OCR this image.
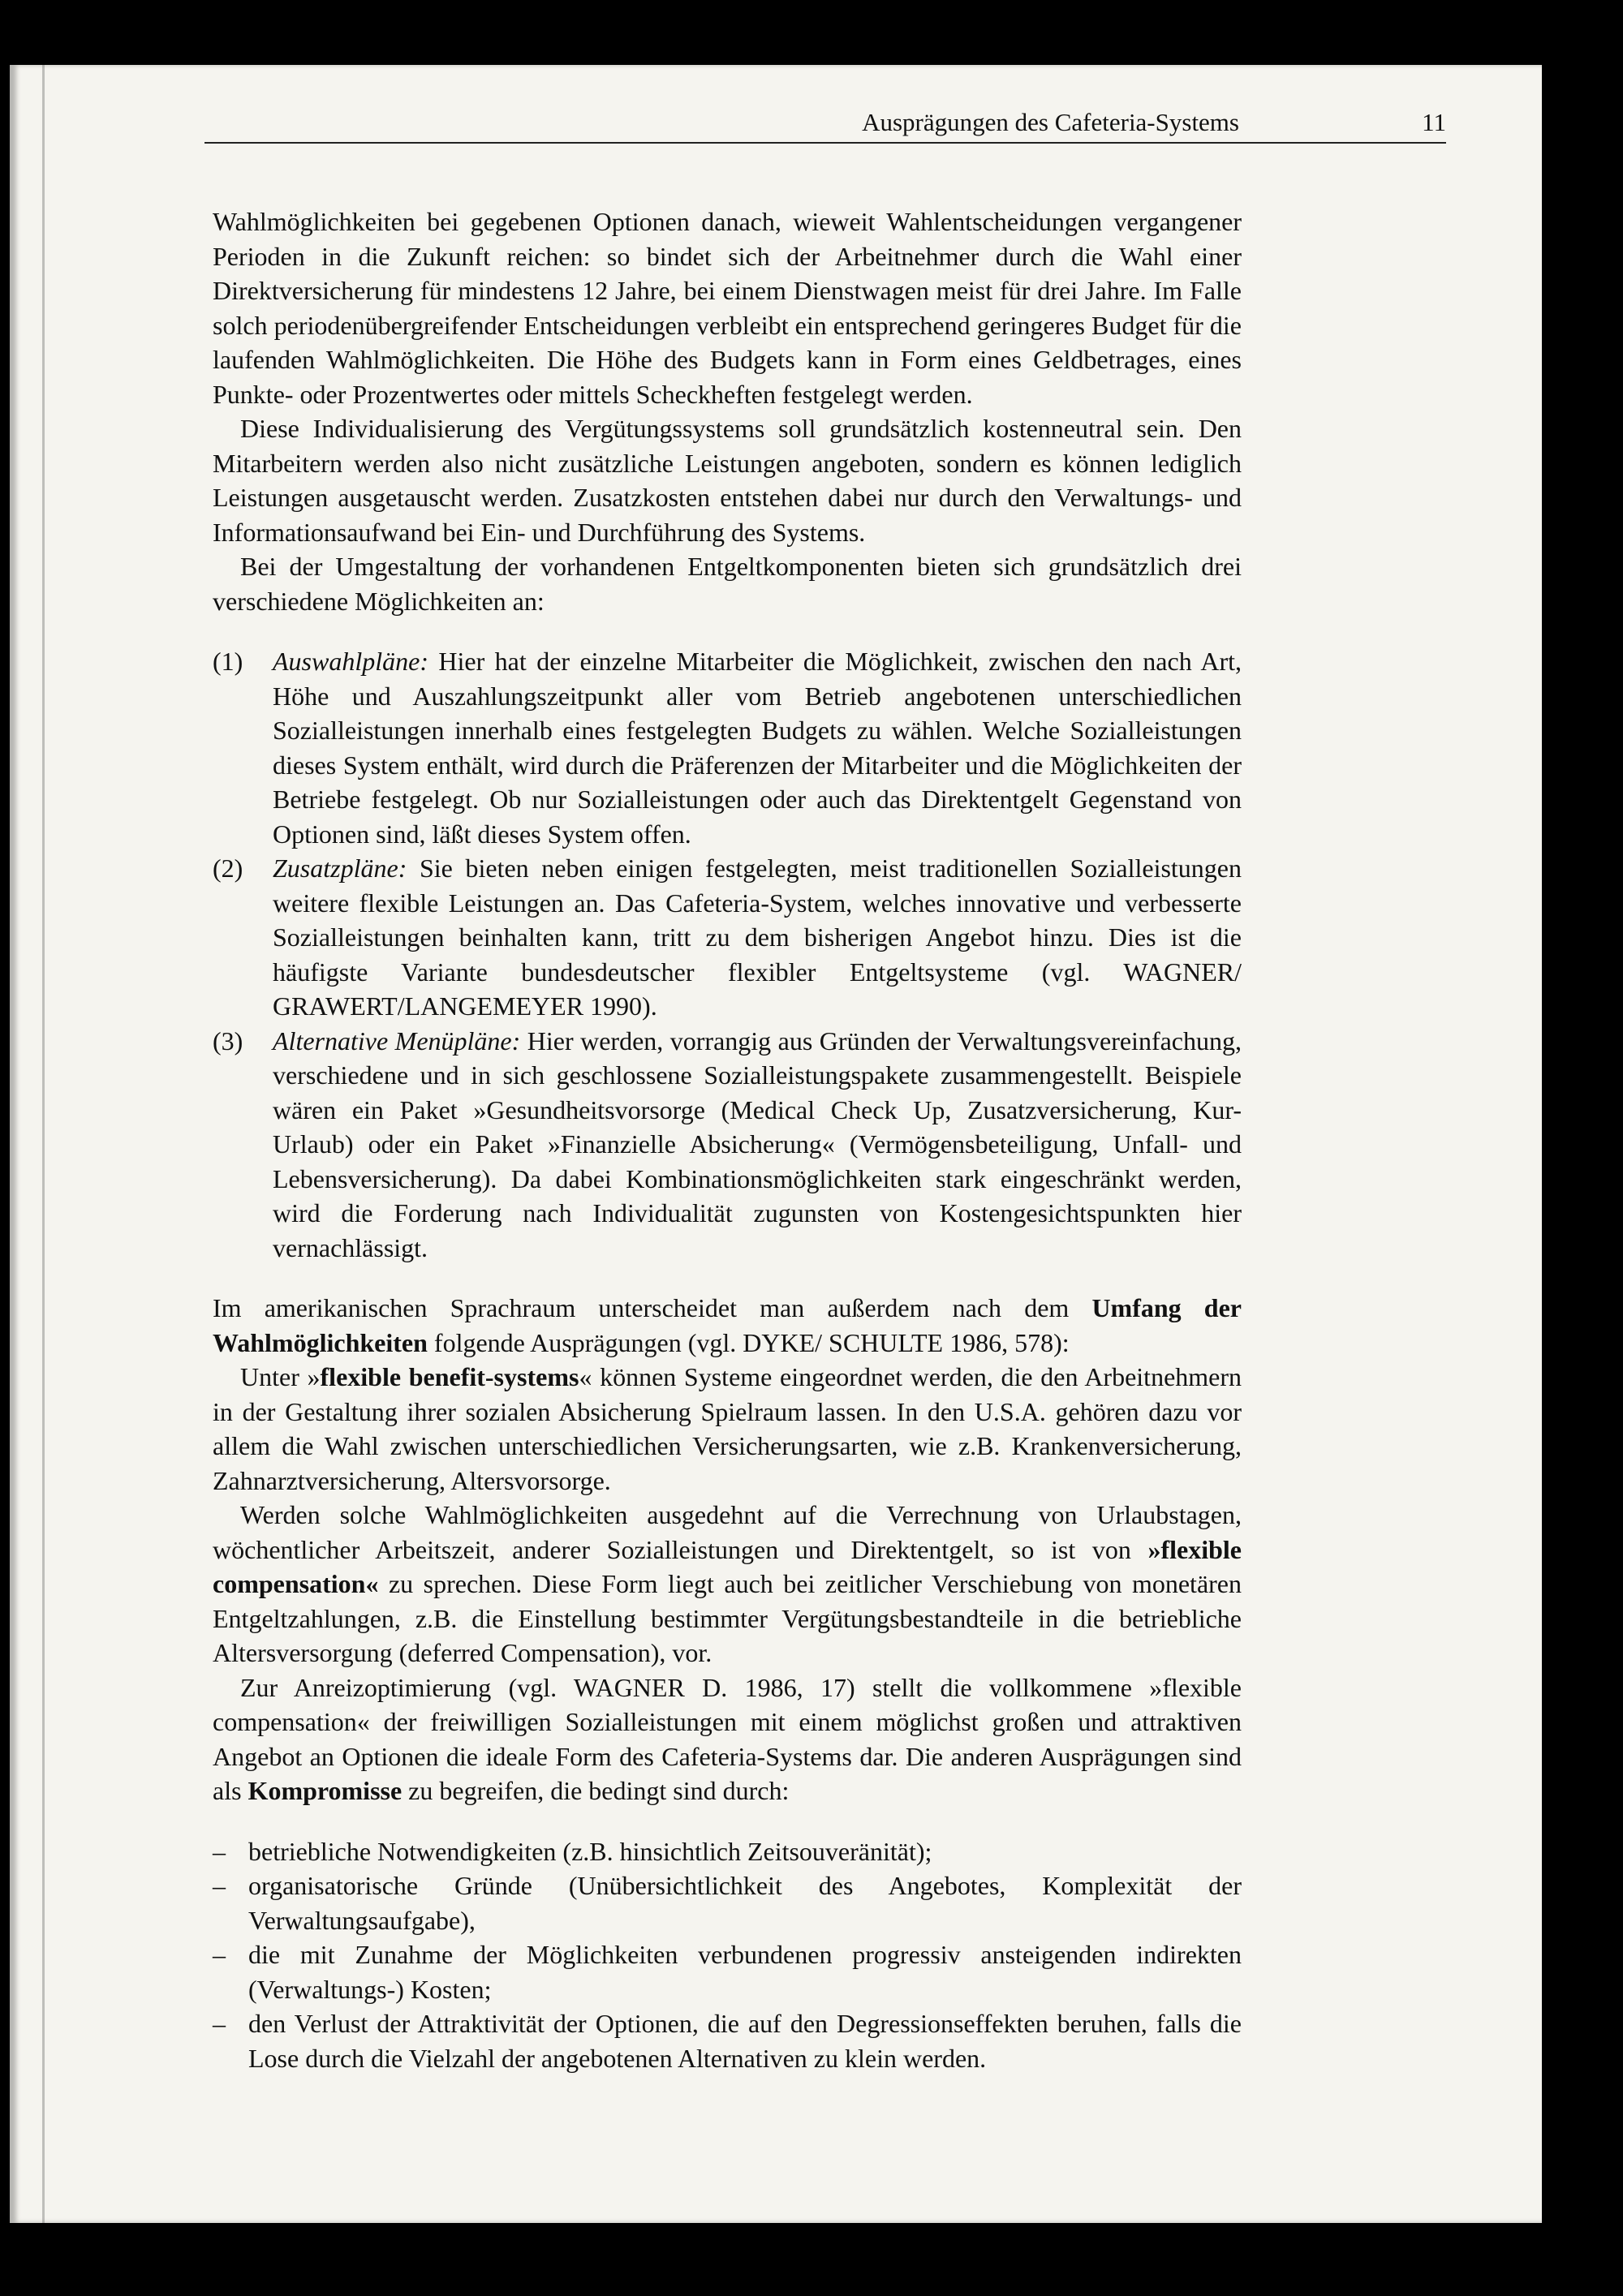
Ausprägungen des Cafeteria-Systems	11

Wahlmöglichkeiten bei gegebenen Optionen danach, wieweit Wahlentscheidungen vergangener Perioden in die Zukunft reichen: so bindet sich der Arbeitnehmer durch die Wahl einer Direktversicherung für mindestens 12 Jahre, bei einem Dienstwagen meist für drei Jahre. Im Falle solch periodenübergreifender Entscheidungen verbleibt ein entsprechend geringeres Budget für die laufenden Wahlmöglichkeiten. Die Höhe des Budgets kann in Form eines Geldbetrages, eines Punkte- oder Prozentwertes oder mittels Scheckheften festgelegt werden.

Diese Individualisierung des Vergütungssystems soll grundsätzlich kostenneutral sein. Den Mitarbeitern werden also nicht zusätzliche Leistungen angeboten, sondern es können lediglich Leistungen ausgetauscht werden. Zusatzkosten entstehen dabei nur durch den Verwaltungs- und Informationsaufwand bei Ein- und Durchführung des Systems.

Bei der Umgestaltung der vorhandenen Entgeltkomponenten bieten sich grundsätzlich drei verschiedene Möglichkeiten an:

(1) Auswahlpläne: Hier hat der einzelne Mitarbeiter die Möglichkeit, zwischen den nach Art, Höhe und Auszahlungszeitpunkt aller vom Betrieb angebotenen unterschiedlichen Sozialleistungen innerhalb eines festgelegten Budgets zu wählen. Welche Sozialleistungen dieses System enthält, wird durch die Präferenzen der Mitarbeiter und die Möglichkeiten der Betriebe festgelegt. Ob nur Sozialleistungen oder auch das Direktentgelt Gegenstand von Optionen sind, läßt dieses System offen.
(2) Zusatzpläne: Sie bieten neben einigen festgelegten, meist traditionellen Sozialleistungen weitere flexible Leistungen an. Das Cafeteria-System, welches innovative und verbesserte Sozialleistungen beinhalten kann, tritt zu dem bisherigen Angebot hinzu. Dies ist die häufigste Variante bundesdeutscher flexibler Entgeltsysteme (vgl. WAGNER/ GRAWERT/LANGEMEYER 1990).
(3) Alternative Menüpläne: Hier werden, vorrangig aus Gründen der Verwaltungsvereinfachung, verschiedene und in sich geschlossene Sozialleistungspakete zusammengestellt. Beispiele wären ein Paket »Gesundheitsvorsorge (Medical Check Up, Zusatzversicherung, Kur-Urlaub) oder ein Paket »Finanzielle Absicherung« (Vermögensbeteiligung, Unfall- und Lebensversicherung). Da dabei Kombinationsmöglichkeiten stark eingeschränkt werden, wird die Forderung nach Individualität zugunsten von Kostengesichtspunkten hier vernachlässigt.

Im amerikanischen Sprachraum unterscheidet man außerdem nach dem Umfang der Wahlmöglichkeiten folgende Ausprägungen (vgl. DYKE/ SCHULTE 1986, 578):

Unter »flexible benefit-systems« können Systeme eingeordnet werden, die den Arbeitnehmern in der Gestaltung ihrer sozialen Absicherung Spielraum lassen. In den U.S.A. gehören dazu vor allem die Wahl zwischen unterschiedlichen Versicherungsarten, wie z.B. Krankenversicherung, Zahnarztversicherung, Altersvorsorge.

Werden solche Wahlmöglichkeiten ausgedehnt auf die Verrechnung von Urlaubstagen, wöchentlicher Arbeitszeit, anderer Sozialleistungen und Direktentgelt, so ist von »flexible compensation« zu sprechen. Diese Form liegt auch bei zeitlicher Verschiebung von monetären Entgeltzahlungen, z.B. die Einstellung bestimmter Vergütungsbestandteile in die betriebliche Altersversorgung (deferred Compensation), vor.

Zur Anreizoptimierung (vgl. WAGNER D. 1986, 17) stellt die vollkommene »flexible compensation« der freiwilligen Sozialleistungen mit einem möglichst großen und attraktiven Angebot an Optionen die ideale Form des Cafeteria-Systems dar. Die anderen Ausprägungen sind als Kompromisse zu begreifen, die bedingt sind durch:

– betriebliche Notwendigkeiten (z.B. hinsichtlich Zeitsouveränität);
– organisatorische Gründe (Unübersichtlichkeit des Angebotes, Komplexität der Verwaltungsaufgabe),
– die mit Zunahme der Möglichkeiten verbundenen progressiv ansteigenden indirekten (Verwaltungs-) Kosten;
– den Verlust der Attraktivität der Optionen, die auf den Degressionseffekten beruhen, falls die Lose durch die Vielzahl der angebotenen Alternativen zu klein werden.
